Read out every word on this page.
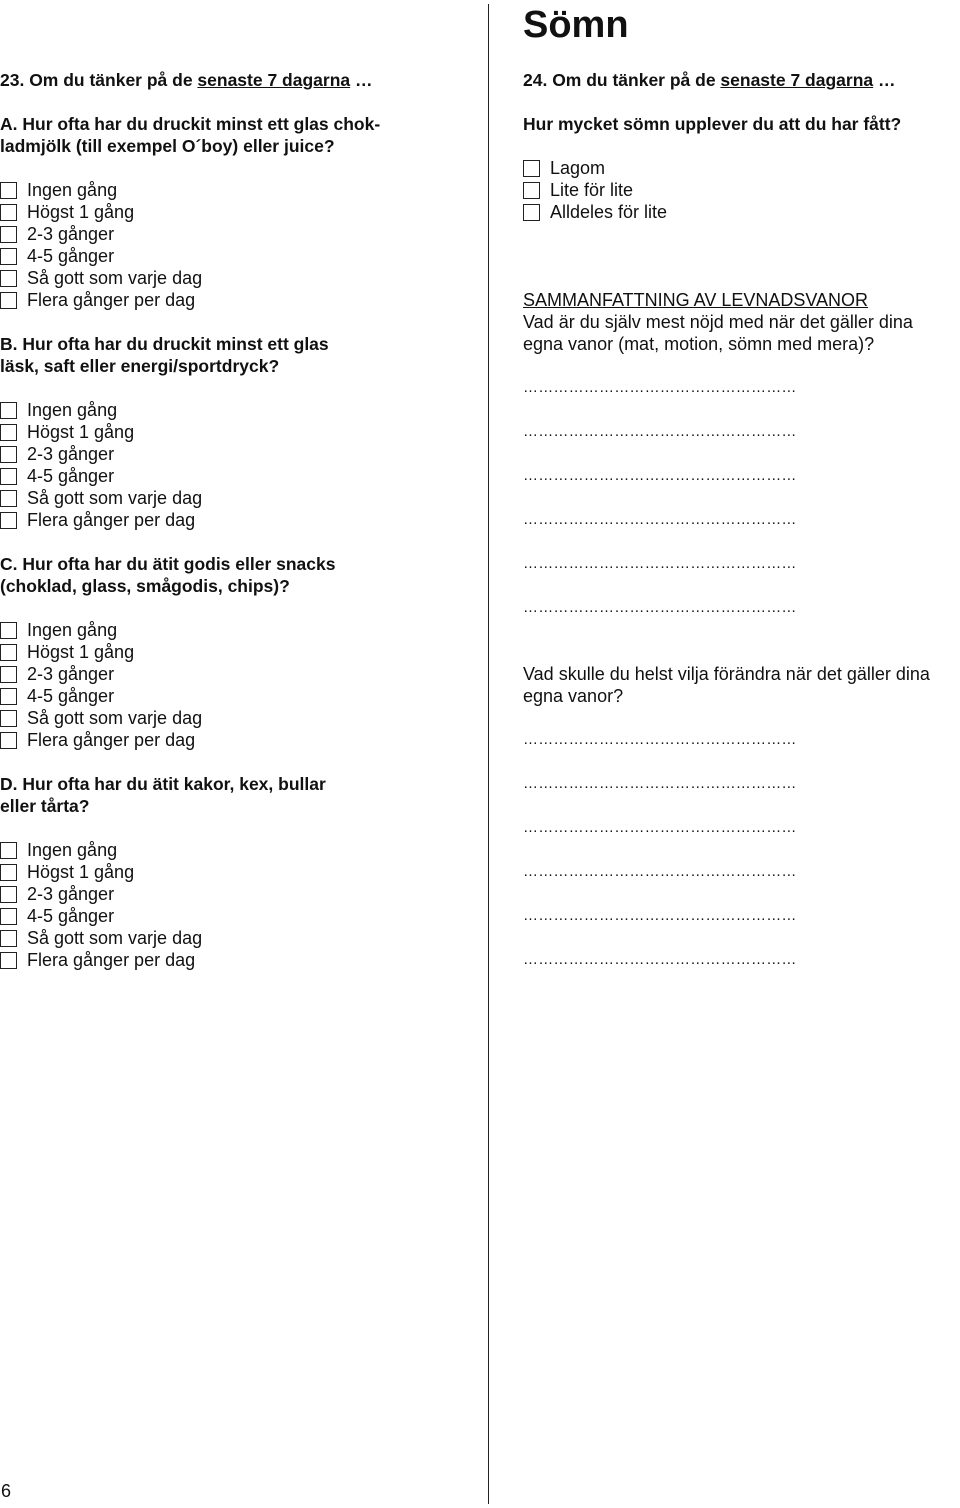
23. Om du tänker på de senaste 7 dagarna …
A. Hur ofta har du druckit minst ett glas chok-
ladmjölk (till exempel O´boy) eller juice?
Ingen gång
Högst 1 gång
2-3 gånger
4-5 gånger
Så gott som varje dag
Flera gånger per dag
B. Hur ofta har du druckit minst ett glas
läsk, saft eller energi/sportdryck?
Ingen gång
Högst 1 gång
2-3 gånger
4-5 gånger
Så gott som varje dag
Flera gånger per dag
C. Hur ofta har du ätit godis eller snacks
(choklad, glass, smågodis, chips)?
Ingen gång
Högst 1 gång
2-3 gånger
4-5 gånger
Så gott som varje dag
Flera gånger per dag
D. Hur ofta har du ätit kakor, kex, bullar
eller tårta?
Ingen gång
Högst 1 gång
2-3 gånger
4-5 gånger
Så gott som varje dag
Flera gånger per dag
6
Sömn
24. Om du tänker på de senaste 7 dagarna …
Hur mycket sömn upplever du att du har fått?
Lagom
Lite för lite
Alldeles för lite
SAMMANFATTNING AV LEVNADSVANOR
Vad är du själv mest nöjd med när det gäller dina
egna vanor (mat, motion, sömn med mera)?
………………………………………………
………………………………………………
………………………………………………
………………………………………………
………………………………………………
………………………………………………
Vad skulle du helst vilja förändra när det gäller dina
egna vanor?
………………………………………………
………………………………………………
………………………………………………
………………………………………………
………………………………………………
………………………………………………
